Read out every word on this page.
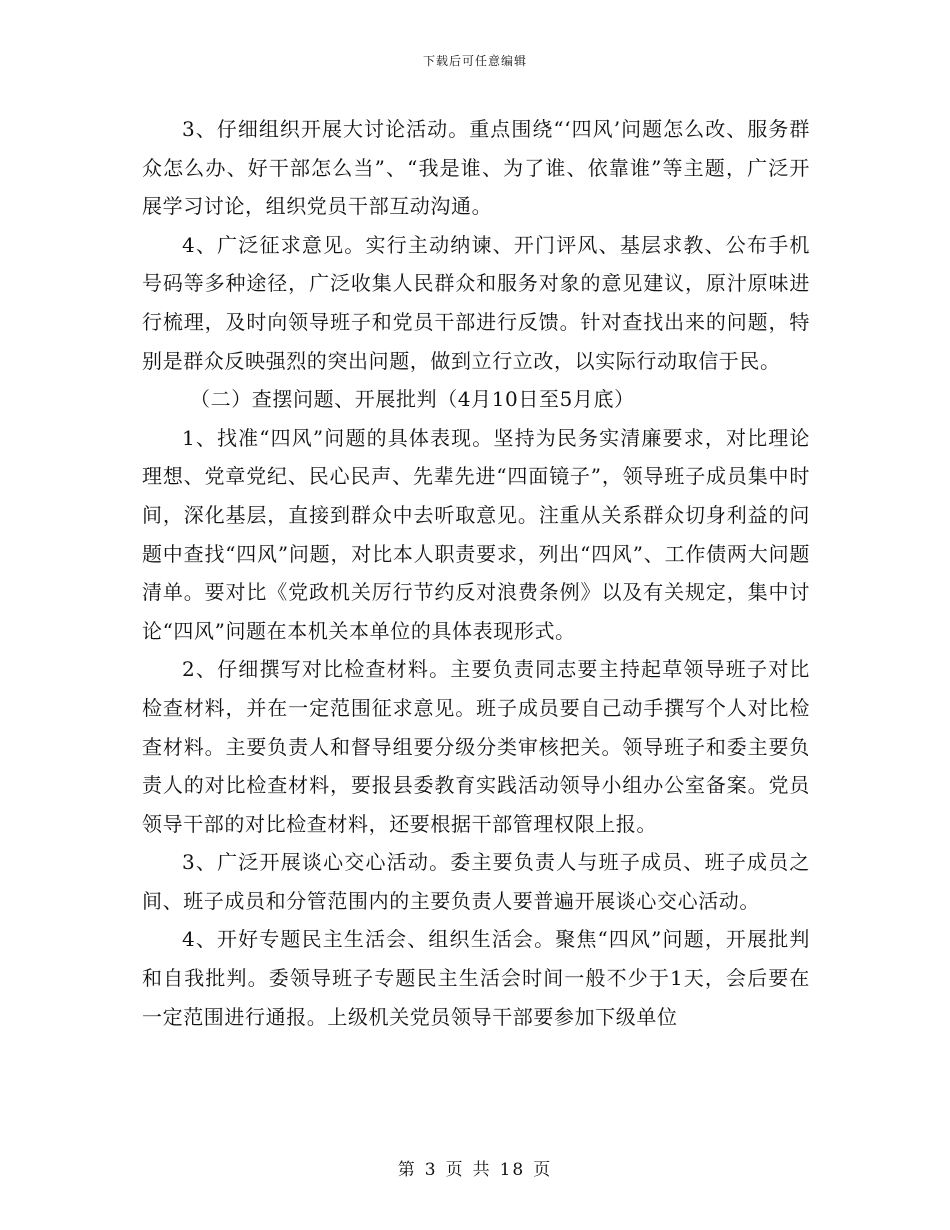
下载后可任意编辑

3、仔细组织开展大讨论活动。重点围绕“‘四风’问题怎么改、服务群众怎么办、好干部怎么当”、“我是谁、为了谁、依靠谁”等主题，广泛开展学习讨论，组织党员干部互动沟通。

4、广泛征求意见。实行主动纳谏、开门评风、基层求教、公布手机号码等多种途径，广泛收集人民群众和服务对象的意见建议，原汁原味进行梳理，及时向领导班子和党员干部进行反馈。针对查找出来的问题，特别是群众反映强烈的突出问题，做到立行立改，以实际行动取信于民。

（二）查摆问题、开展批判（4月10日至5月底）

1、找准“四风”问题的具体表现。坚持为民务实清廉要求，对比理论理想、党章党纪、民心民声、先辈先进“四面镜子”，领导班子成员集中时间，深化基层，直接到群众中去听取意见。注重从关系群众切身利益的问题中查找“四风”问题，对比本人职责要求，列出“四风”、工作债两大问题清单。要对比《党政机关厉行节约反对浪费条例》以及有关规定，集中讨论“四风”问题在本机关本单位的具体表现形式。

2、仔细撰写对比检查材料。主要负责同志要主持起草领导班子对比检查材料，并在一定范围征求意见。班子成员要自己动手撰写个人对比检查材料。主要负责人和督导组要分级分类审核把关。领导班子和委主要负责人的对比检查材料，要报县委教育实践活动领导小组办公室备案。党员领导干部的对比检查材料，还要根据干部管理权限上报。

3、广泛开展谈心交心活动。委主要负责人与班子成员、班子成员之间、班子成员和分管范围内的主要负责人要普遍开展谈心交心活动。

4、开好专题民主生活会、组织生活会。聚焦“四风”问题，开展批判和自我批判。委领导班子专题民主生活会时间一般不少于1天，会后要在一定范围进行通报。上级机关党员领导干部要参加下级单位

第 3 页 共 18 页
